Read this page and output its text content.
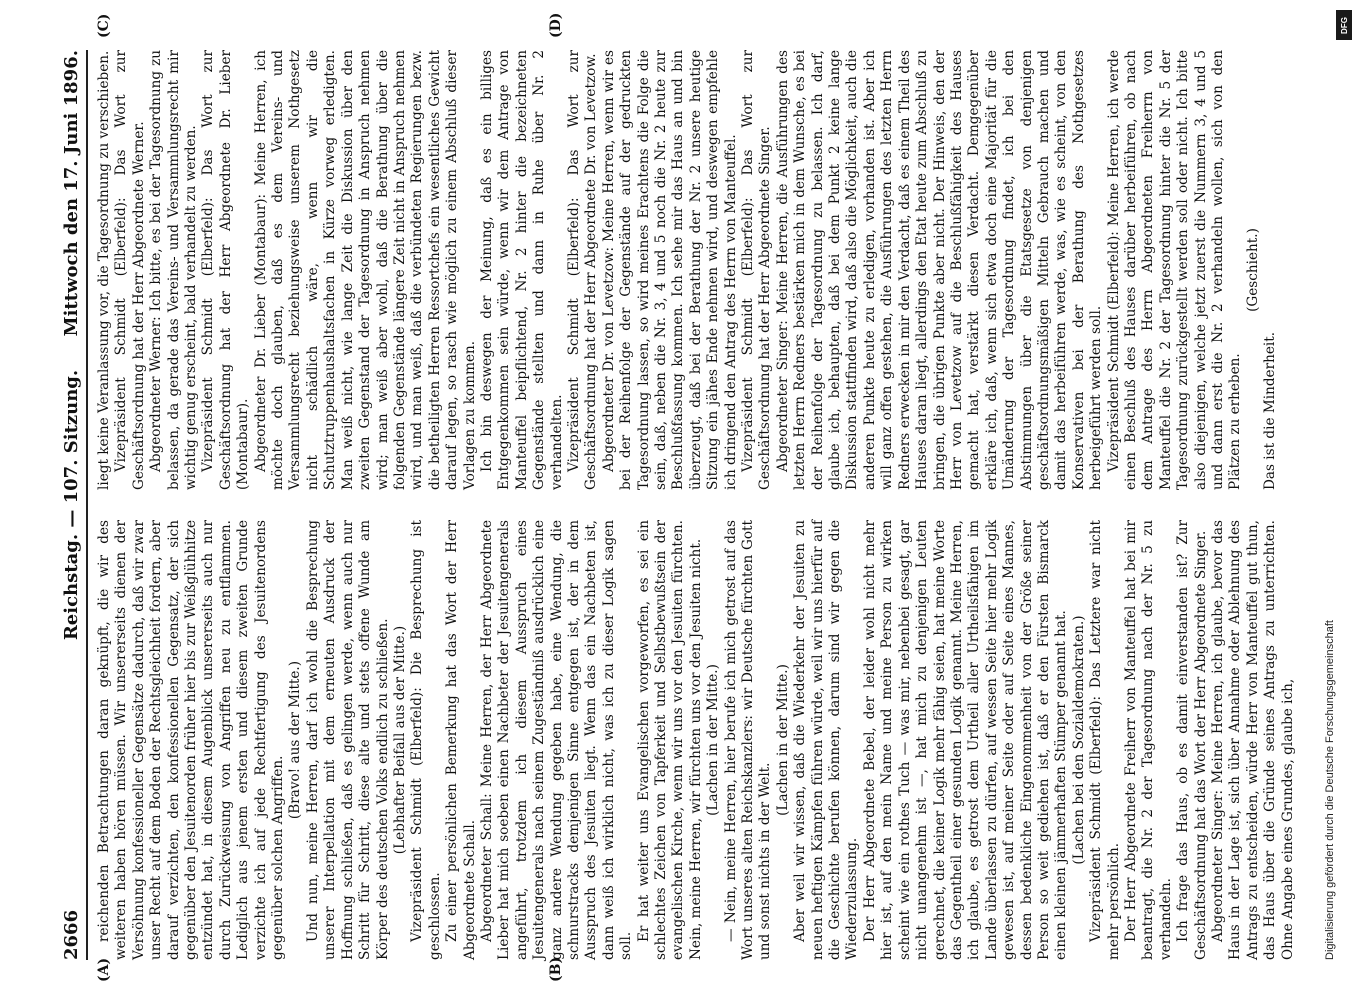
2666
Reichstag. — 107. Sitzung.
Mittwoch den 17. Juni 1896.
(A)	(B)
(C)	(D)

reichenden Betrachtungen daran geknüpft, die wir des weiteren haben hören müssen. Wir unsererseits dienen der Versöhnung konfessioneller Gegensätze dadurch, daß wir zwar unser Recht auf dem Boden der Rechtsgleichheit fordern, aber darauf verzichten, den konfessionellen Gegensatz, der sich gegenüber den Jesuitenorden früher hier bis zur Weißglühhitze entzündet hat, in diesem Augenblick unsererseits auch nur durch Zurückweisung von Angriffen neu zu entflammen. Lediglich aus jenem ersten und diesem zweiten Grunde verzichte ich auf jede Rechtfertigung des Jesuitenordens gegenüber solchen Angriffen.

(Bravo! aus der Mitte.) Und nun, meine Herren, darf ich wohl die Besprechung unserer Interpellation mit dem erneuten Ausdruck der Hoffnung schließen, daß es gelingen werde, wenn auch nur Schritt für Schritt, diese alte und stets offene Wunde am Körper des deutschen Volks endlich zu schließen. (Lebhafter Beifall aus der Mitte.) Vizepräsident Schmidt (Elberfeld): Die Besprechung ist geschlossen. Zu einer persönlichen Bemerkung hat das Wort der Herr Abgeordnete Schall. Abgeordneter Schall: Meine Herren, der Herr Abgeordnete Lieber hat mich soeben einen Nachbeter der Jesuitengenerals angeführt, trotzdem ich diesem Ausspruch eines Jesuitengenerals nach seinem Zugeständniß ausdrücklich eine ganz andere Wendung gegeben habe, eine Wendung, die schnurstracks demjenigen Sinne entgegen ist, der in dem Ausspruch des Jesuiten liegt. Wenn das ein Nachbeten ist, dann weiß ich wirklich nicht, was ich zu dieser Logik sagen soll.

Er hat weiter uns Evangelischen vorgeworfen, es sei ein schlechtes Zeichen von Tapferkeit und Selbstbewußtsein der evangelischen Kirche, wenn wir uns vor den Jesuiten fürchten. Nein, meine Herren, wir fürchten uns vor den Jesuiten nicht. (Lachen in der Mitte.) — Nein, meine Herren, hier berufe ich mich getrost auf das Wort unseres alten Reichskanzlers: wir Deutsche fürchten Gott und sonst nichts in der Welt.

(Lachen in der Mitte.) Aber weil wir wissen, daß die Wiederkehr der Jesuiten zu neuen heftigen Kämpfen führen würde, weil wir uns hierfür auf die Geschichte berufen können, darum sind wir gegen die Wiederzulassung. Der Herr Abgeordnete Bebel, der leider wohl nicht mehr hier ist, auf den mein Name und meine Person zu wirken scheint wie ein rothes Tuch — was mir, nebenbei gesagt, gar nicht unangenehm ist —, hat mich zu denjenigen Leuten gerechnet, die keiner Logik mehr fähig seien, hat meine Worte das Gegentheil einer gesunden Logik genannt. Meine Herren, ich glaube, es getrost dem Urtheil aller Urtheilsfähigen im Lande überlassen zu dürfen, auf wessen Seite hier mehr Logik gewesen ist, auf meiner Seite oder auf Seite eines Mannes, dessen bedenkliche Eingenommenheit von der Größe seiner Person so weit gediehen ist, daß er den Fürsten Bismarck einen kleinen jämmerhaften Stümper genannt hat. (Lachen bei den Sozialdemokraten.) Vizepräsident Schmidt (Elberfeld): Das Letztere war nicht mehr persönlich. Der Herr Abgeordnete Freiherr von Manteuffel hat bei mir beantragt, die Nr. 2 der Tagesordnung nach der Nr. 5 zu verhandeln. Ich frage das Haus, ob es damit einverstanden ist? Zur Geschäftsordnung hat das Wort der Herr Abgeordnete Singer. Abgeordneter Singer: Meine Herren, ich glaube, bevor das Haus in der Lage ist, sich über Annahme oder Ablehnung des Antrags zu entscheiden, würde Herr von Manteuffel gut thun, das Haus über die Gründe seines Antrags zu unterrichten. Ohne Angabe eines Grundes, glaube ich,

liegt keine Veranlassung vor, die Tagesordnung zu verschieben. Vizepräsident Schmidt (Elberfeld): Das Wort zur Geschäftsordnung hat der Herr Abgeordnete Werner. Abgeordneter Werner: Ich bitte, es bei der Tagesordnung zu belassen, da gerade das Vereins- und Versammlungsrecht mir wichtig genug erscheint, bald verhandelt zu werden. Vizepräsident Schmidt (Elberfeld): Das Wort zur Geschäftsordnung hat der Herr Abgeordnete Dr. Lieber (Montabaur). Abgeordneter Dr. Lieber (Montabaur): Meine Herren, ich möchte doch glauben, daß es dem Vereins- und Versammlungsrecht beziehungsweise unserem Nothgesetz nicht schädlich wäre, wenn wir die Schutztruppenhaushaltsfachen in Kürze vorweg erledigten. Man weiß nicht, wie lange Zeit die Diskussion über den zweiten Gegenstand der Tagesordnung in Anspruch nehmen wird; man weiß aber wohl, daß die Berathung über die folgenden Gegenstände längere Zeit nicht in Anspruch nehmen wird, und man weiß, daß die verbündeten Regierungen bezw. die betheiligten Herren Ressortchefs ein wesentliches Gewicht darauf legen, so rasch wie möglich zu einem Abschluß dieser Vorlagen zu kommen. Ich bin deswegen der Meinung, daß es ein billiges Entgegenkommen sein würde, wenn wir dem Antrage von Manteuffel beipflichtend, Nr. 2 hinter die bezeichneten Gegenstände stellten und dann in Ruhe über Nr. 2 verhandelten. Vizepräsident Schmidt (Elberfeld): Das Wort zur Geschäftsordnung hat der Herr Abgeordnete Dr. von Levetzow. Abgeordneter Dr. von Levetzow: Meine Herren, wenn wir es bei der Reihenfolge der Gegenstände auf der gedruckten Tagesordnung lassen, so wird meines Erachtens die Folge die sein, daß, neben die Nr. 3, 4 und 5 noch die Nr. 2 heute zur Beschlußfassung kommen. Ich sehe mir das Haus an und bin überzeugt, daß bei der Berathung der Nr. 2 unsere heutige Sitzung ein jähes Ende nehmen wird, und deswegen empfehle ich dringend den Antrag des Herrn von Manteuffel. Vizepräsident Schmidt (Elberfeld): Das Wort zur Geschäftsordnung hat der Herr Abgeordnete Singer. Abgeordneter Singer: Meine Herren, die Ausführungen des letzten Herrn Redners bestärken mich in dem Wunsche, es bei der Reihenfolge der Tagesordnung zu belassen. Ich darf, glaube ich, behaupten, daß bei dem Punkt 2 keine lange Diskussion stattfinden wird, daß also die Möglichkeit, auch die anderen Punkte heute zu erledigen, vorhanden ist. Aber ich will ganz offen gestehen, die Ausführungen des letzten Herrn Redners erwecken in mir den Verdacht, daß es einem Theil des Hauses daran liegt, allerdings den Etat heute zum Abschluß zu bringen, die übrigen Punkte aber nicht. Der Hinweis, den der Herr von Levetzow auf die Beschlußfähigkeit des Hauses gemacht hat, verstärkt diesen Verdacht. Demgegenüber erkläre ich, daß, wenn sich etwa doch eine Majorität für die Umänderung der Tagesordnung findet, ich bei den Abstimmungen über die Etatsgesetze von denjenigen geschäftsordnungsmäßigen Mitteln Gebrauch machen und damit das herbeiführen werde, was, wie es scheint, von den Konservativen bei der Berathung des Nothgesetzes herbeigeführt werden soll. Vizepräsident Schmidt (Elberfeld): Meine Herren, ich werde einen Beschluß des Hauses darüber herbeiführen, ob nach dem Antrage des Herrn Abgeordneten Freiherrn von Manteuffel die Nr. 2 der Tagesordnung hinter die Nr. 5 der Tagesordnung zurückgestellt werden soll oder nicht. Ich bitte also diejenigen, welche jetzt zuerst die Nummern 3, 4 und 5 und dann erst die Nr. 2 verhandeln wollen, sich von den Plätzen zu erheben.

(Geschieht.)

Das ist die Minderheit.

Digitalisierung gefördert durch die Deutsche Forschungsgemeinschaft
DFG
